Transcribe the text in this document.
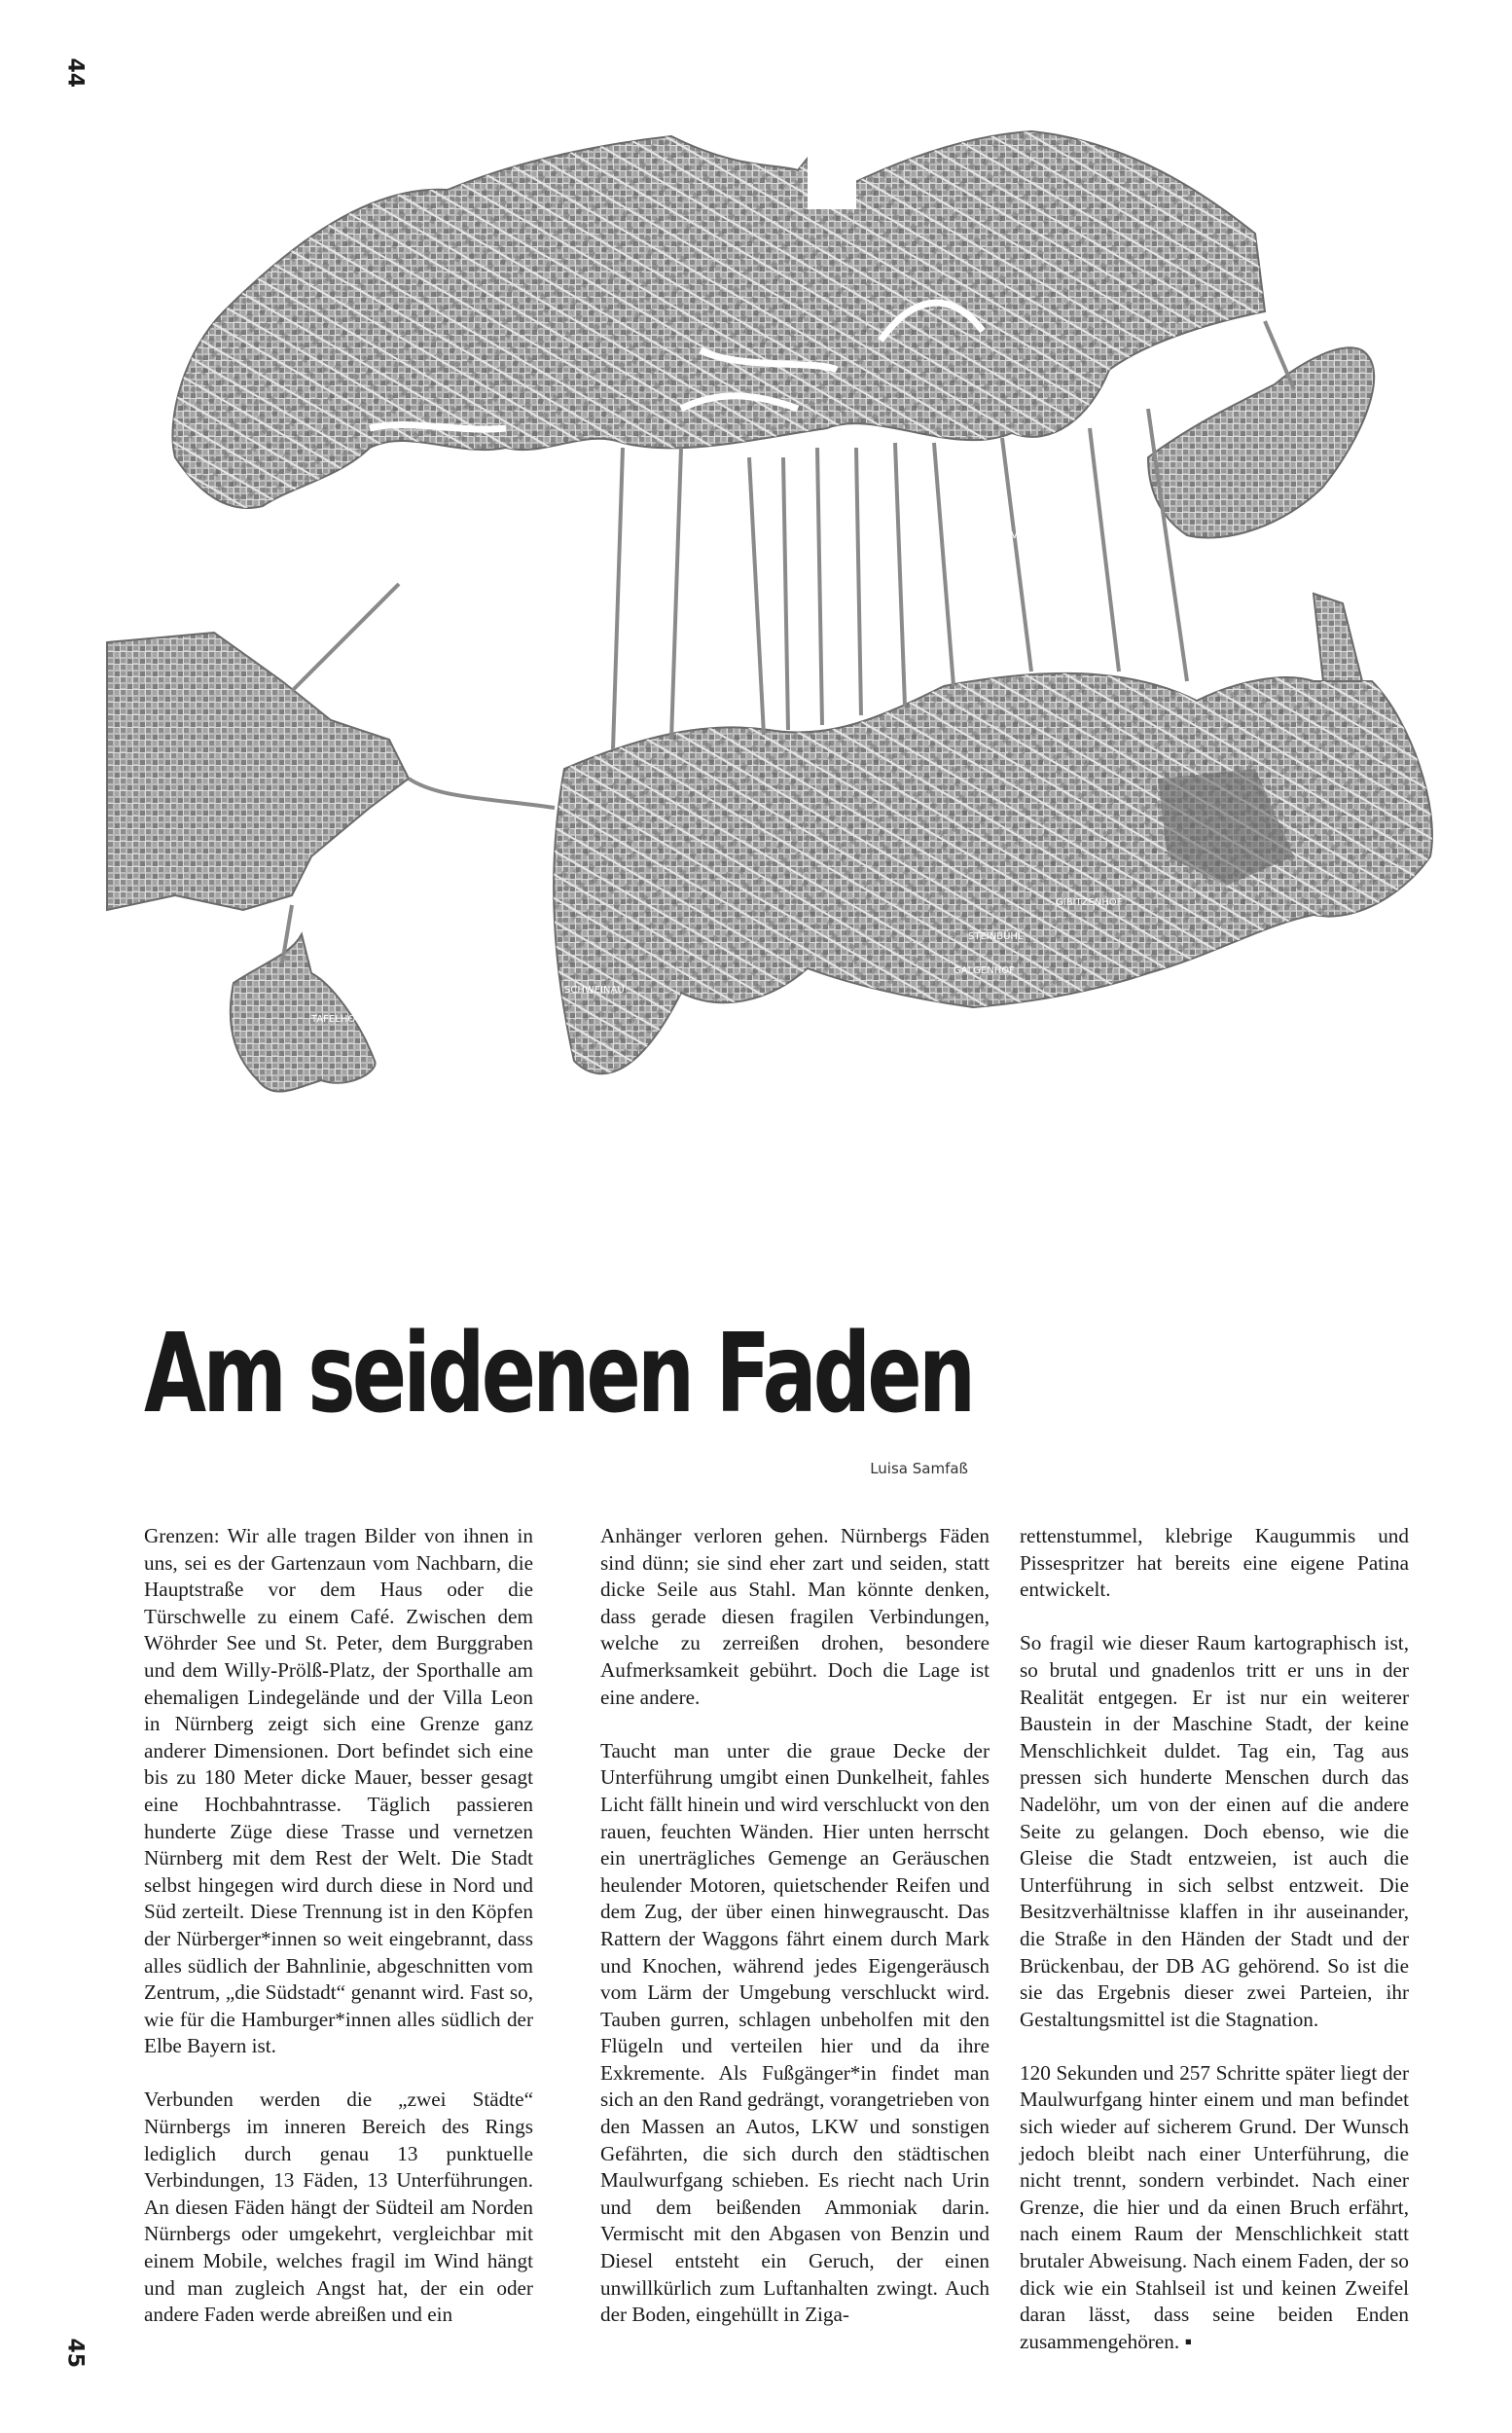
44
MARIENVORSTADT
ZEPPELINFELD
GIBITZENHOF
STEINBÜHL
GALGENHOF
SCHWEINAU
TAFELHOF
Am seidenen Faden
Luisa Samfaß

Grenzen: Wir alle tragen Bilder von ihnen in uns, sei es der Gartenzaun vom Nachbarn, die Hauptstraße vor dem Haus oder die Türschwelle zu einem Café. Zwischen dem Wöhrder See und St. Peter, dem Burggraben und dem Willy-Prölß-Platz, der Sporthalle am ehemaligen Lindegelände und der Villa Leon in Nürnberg zeigt sich eine Grenze ganz anderer Dimensionen. Dort befindet sich eine bis zu 180 Meter dicke Mauer, besser gesagt eine Hochbahntrasse. Täglich passieren hunderte Züge diese Trasse und vernetzen Nürnberg mit dem Rest der Welt. Die Stadt selbst hingegen wird durch diese in Nord und Süd zerteilt. Diese Trennung ist in den Köpfen der Nürberger*innen so weit eingebrannt, dass alles südlich der Bahnlinie, abgeschnitten vom Zentrum, „die Südstadt“ genannt wird. Fast so, wie für die Hamburger*innen alles südlich der Elbe Bayern ist.

Verbunden werden die „zwei Städte“ Nürnbergs im inneren Bereich des Rings lediglich durch genau 13 punktuelle Verbindungen, 13 Fäden, 13 Unterführungen. An diesen Fäden hängt der Südteil am Norden Nürnbergs oder umgekehrt, vergleichbar mit einem Mobile, welches fragil im Wind hängt und man zugleich Angst hat, der ein oder andere Faden werde abreißen und ein

Anhänger verloren gehen. Nürnbergs Fäden sind dünn; sie sind eher zart und seiden, statt dicke Seile aus Stahl. Man könnte denken, dass gerade diesen fragilen Verbindungen, welche zu zerreißen drohen, besondere Aufmerksamkeit gebührt. Doch die Lage ist eine andere.

Taucht man unter die graue Decke der Unterführung umgibt einen Dunkelheit, fahles Licht fällt hinein und wird verschluckt von den rauen, feuchten Wänden. Hier unten herrscht ein unerträgliches Gemenge an Geräuschen heulender Motoren, quietschender Reifen und dem Zug, der über einen hinwegrauscht. Das Rattern der Waggons fährt einem durch Mark und Knochen, während jedes Eigengeräusch vom Lärm der Umgebung verschluckt wird. Tauben gurren, schlagen unbeholfen mit den Flügeln und verteilen hier und da ihre Exkremente. Als Fußgänger*in findet man sich an den Rand gedrängt, vorangetrieben von den Massen an Autos, LKW und sonstigen Gefährten, die sich durch den städtischen Maulwurfgang schieben. Es riecht nach Urin und dem beißenden Ammoniak darin. Vermischt mit den Abgasen von Benzin und Diesel entsteht ein Geruch, der einen unwillkürlich zum Luftanhalten zwingt. Auch der Boden, eingehüllt in Ziga-

rettenstummel, klebrige Kaugummis und Pissespritzer hat bereits eine eigene Patina entwickelt.

So fragil wie dieser Raum kartographisch ist, so brutal und gnadenlos tritt er uns in der Realität entgegen. Er ist nur ein weiterer Baustein in der Maschine Stadt, der keine Menschlichkeit duldet. Tag ein, Tag aus pressen sich hunderte Menschen durch das Nadelöhr, um von der einen auf die andere Seite zu gelangen. Doch ebenso, wie die Gleise die Stadt entzweien, ist auch die Unterführung in sich selbst entzweit. Die Besitzverhältnisse klaffen in ihr auseinander, die Straße in den Händen der Stadt und der Brückenbau, der DB AG gehörend. So ist die sie das Ergebnis dieser zwei Parteien, ihr Gestaltungsmittel ist die Stagnation.

120 Sekunden und 257 Schritte später liegt der Maulwurfgang hinter einem und man befindet sich wieder auf sicherem Grund. Der Wunsch jedoch bleibt nach einer Unterführung, die nicht trennt, sondern verbindet. Nach einer Grenze, die hier und da einen Bruch erfährt, nach einem Raum der Menschlichkeit statt brutaler Abweisung. Nach einem Faden, der so dick wie ein Stahlseil ist und keinen Zweifel daran lässt, dass seine beiden Enden zusammengehören. ▪

45
